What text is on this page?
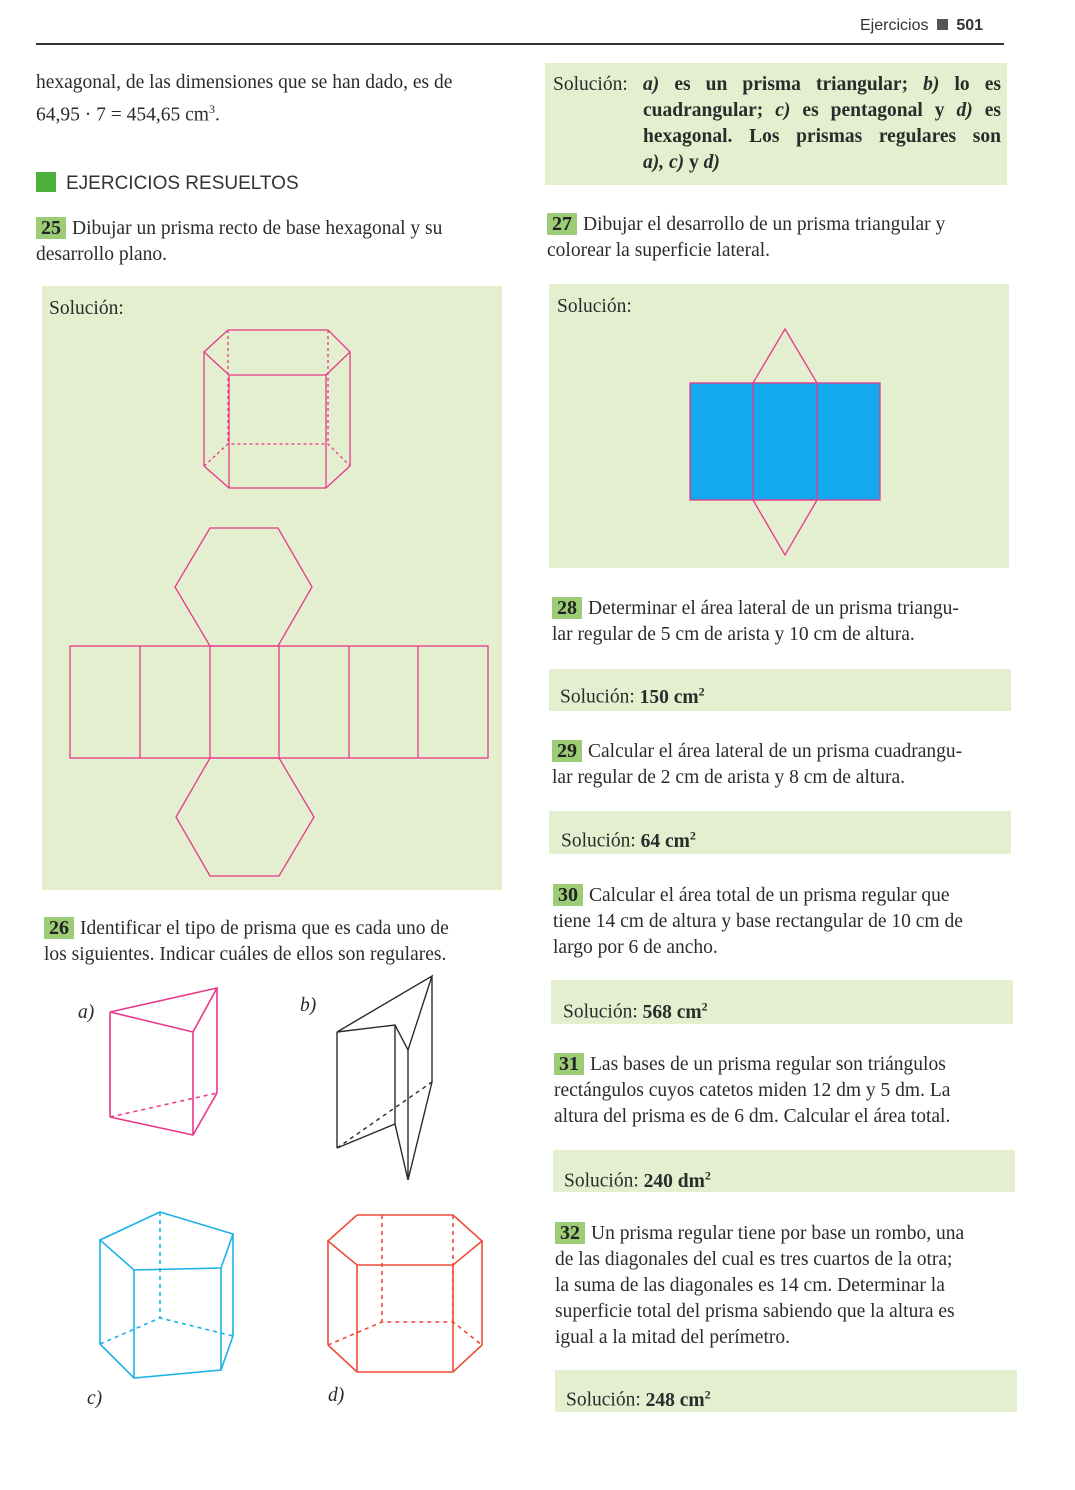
Ejercicios 501
hexagonal, de las dimensiones que se han dado, es de
64,95 · 7 = 454,65 $cm^3$.
EJERCICIOS RESUELTOS
25 Dibujar un prisma recto de base hexagonal y su
desarrollo plano.
Solución:
26 Identificar el tipo de prisma que es cada uno de
los siguientes. Indicar cuáles de ellos son regulares.
a)	b)
c)	d)
Solución: a) es un prisma triangular; b) lo es
cuadrangular; c) es pentagonal y d) es
hexagonal. Los prismas regulares son
a), c) y d)
27 Dibujar el desarrollo de un prisma triangular y
colorear la superficie lateral.
Solución:
28 Determinar el área lateral de un prisma triangu-
lar regular de 5 cm de arista y 10 cm de altura.
Solución: 150 $cm^2$
29 Calcular el área lateral de un prisma cuadrangu-
lar regular de 2 cm de arista y 8 cm de altura.
Solución: 64 $cm^2$
30 Calcular el área total de un prisma regular que
tiene 14 cm de altura y base rectangular de 10 cm de
largo por 6 de ancho.
Solución: 568 $cm^2$
31 Las bases de un prisma regular son triángulos
rectángulos cuyos catetos miden 12 dm y 5 dm. La
altura del prisma es de 6 dm. Calcular el área total.
Solución: 240 $dm^2$
32 Un prisma regular tiene por base un rombo, una
de las diagonales del cual es tres cuartos de la otra;
la suma de las diagonales es 14 cm. Determinar la
superficie total del prisma sabiendo que la altura es
igual a la mitad del perímetro.
Solución: 248 $cm^2$
